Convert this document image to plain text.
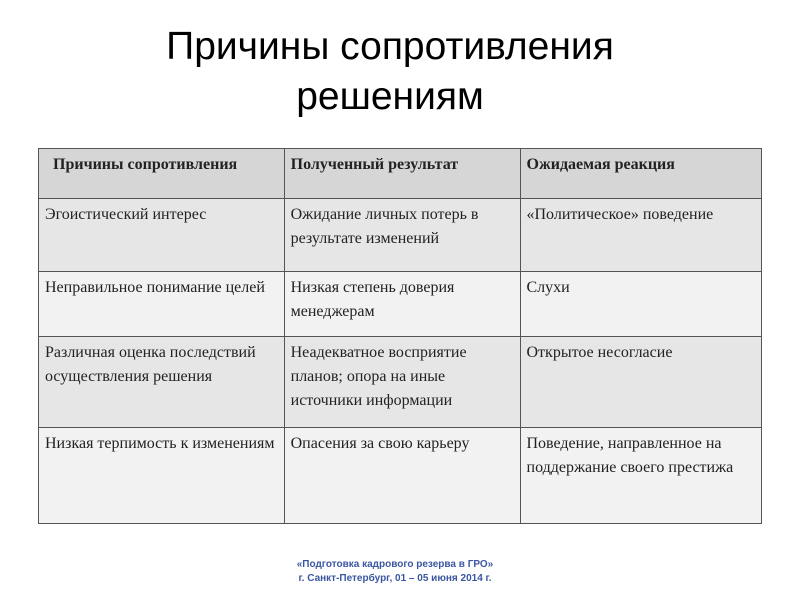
Причины сопротивления
решениям
Причины сопротивления	Полученный результат	Ожидаемая реакция
Эгоистический интерес	Ожидание личных потерь в результате изменений	«Политическое» поведение
Неправильное понимание целей	Низкая степень доверия менеджерам	Слухи
Различная оценка последствий осуществления решения	Неадекватное восприятие планов; опора на иные источники информации	Открытое несогласие
Низкая терпимость к изменениям	Опасения за свою карьеру	Поведение, направленное на поддержание своего престижа
«Подготовка кадрового резерва в ГРО»
г. Санкт-Петербург, 01 – 05 июня 2014 г.
